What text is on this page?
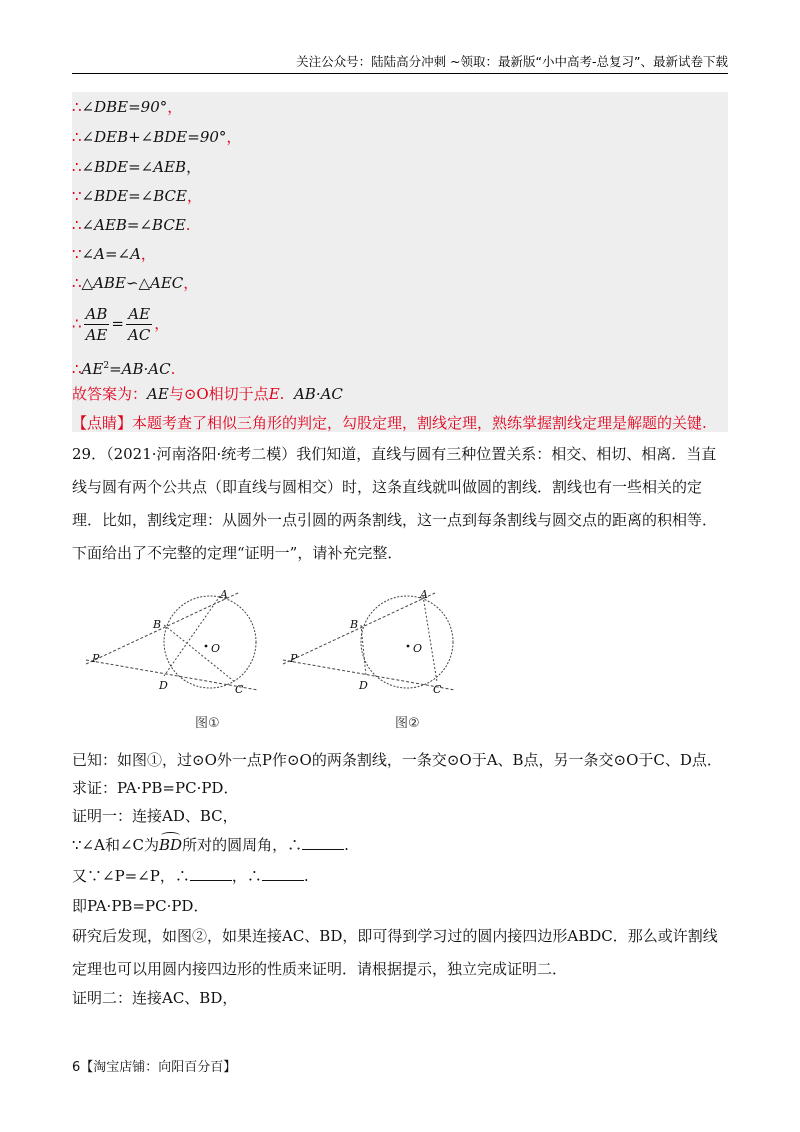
关注公众号：陆陆高分冲刺 ~领取：最新版“小中高考-总复习”、最新试卷下载
∴∠DBE=90°，
∴∠DEB+∠BDE=90°，
∴∠BDE=∠AEB，
∵∠BDE=∠BCE，
∴∠AEB=∠BCE.
∵∠A=∠A，
∴△ABE∽△AEC，
∴ $\frac{AB}{AE} = \frac{AE}{AC}$ ，
$\therefore AE^2=AB\cdot AC$.
故答案为：AE与⊙O相切于点E. AB·AC
【点睛】本题考查了相似三角形的判定，勾股定理，割线定理，熟练掌握割线定理是解题的关键.
29．（2021·河南洛阳·统考二模）我们知道，直线与圆有三种位置关系：相交、相切、相离．当直线与圆有两个公共点（即直线与圆相交）时，这条直线就叫做圆的割线．割线也有一些相关的定理．比如，割线定理：从圆外一点引圆的两条割线，这一点到每条割线与圆交点的距离的积相等．下面给出了不完整的定理“证明一”，请补充完整．
A
B
C
D
O
P
A
B
C
D
O
P
图①	图②
已知：如图①，过⊙O外一点P作⊙O的两条割线，一条交⊙O于A、B点，另一条交⊙O于C、D点．
求证：PA·PB=PC·PD．
证明一：连接AD、BC，
∵∠A和∠C为BD所对的圆周角，∴	.
又∵∠P=∠P，∴	，∴	.
即PA·PB=PC·PD．
研究后发现，如图②，如果连接AC、BD，即可得到学习过的圆内接四边形ABDC．那么或许割线定理也可以用圆内接四边形的性质来证明．请根据提示，独立完成证明二．
证明二：连接AC、BD，
6【淘宝店铺：向阳百分百】
